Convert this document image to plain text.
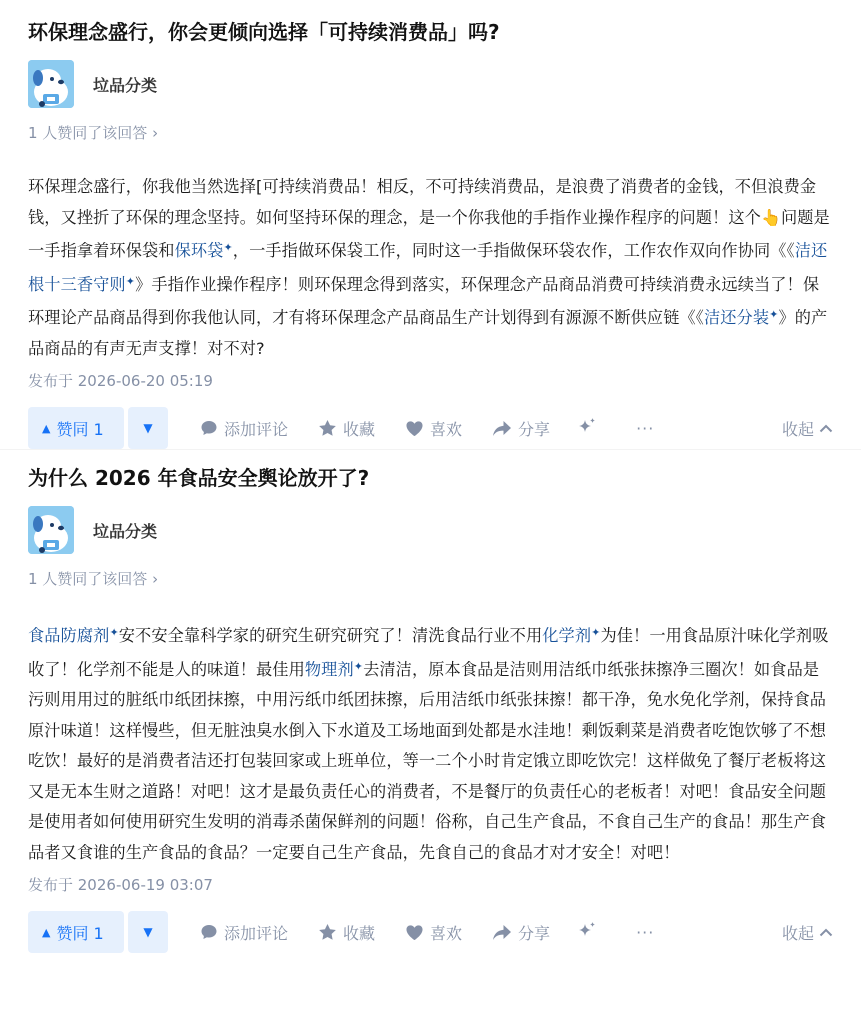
环保理念盛行，你会更倾向选择「可持续消费品」吗?
垃品分类
1 人赞同了该回答 ›
环保理念盛行，你我他当然选择[可持续消费品！相反，不可持续消费品，是浪费了消费者的金钱，不但浪费金钱，又挫折了环保的理念坚持。如何坚持环保的理念，是一个你我他的手指作业操作程序的问题！这个👆问题是一手指拿着环保袋和保环袋✦，一手指做环保袋工作，同时这一手指做保环袋农作，工作农作双向作协同《《洁还根十三香守则✦》手指作业操作程序！则环保理念得到落实，环保理念产品商品消费可持续消费永远续当了！保环理论产品商品得到你我他认同，才有将环保理念产品商品生产计划得到有源源不断供应链《《洁还分装✦》的产品商品的有声无声支撑！对不对?
发布于 2026-06-20 05:19
▲ 赞同 1	▼	添加评论	收藏	喜欢	分享	···	收起
为什么 2026 年食品安全舆论放开了?
垃品分类
1 人赞同了该回答 ›
食品防腐剂✦安不安全靠科学家的研究生研究研究了！清洗食品行业不用化学剂✦为佳！一用食品原汁味化学剂吸收了！化学剂不能是人的味道！最佳用物理剂✦去清洁，原本食品是洁则用洁纸巾纸张抹擦净三圈次！如食品是污则用用过的脏纸巾纸团抹擦，中用污纸巾纸团抹擦，后用洁纸巾纸张抹擦！都干净，免水免化学剂，保持食品原汁味道！这样慢些，但无脏浊臭水倒入下水道及工场地面到处都是水洼地！剩饭剩菜是消费者吃饱饮够了不想吃饮！最好的是消费者洁还打包装回家或上班单位，等一二个小时肯定饿立即吃饮完！这样做免了餐厅老板将这又是无本生财之道路！对吧！这才是最负责任心的消费者，不是餐厅的负责任心的老板者！对吧！食品安全问题是使用者如何使用研究生发明的消毒杀菌保鲜剂的问题！俗称，自己生产食品，不食自己生产的食品！那生产食品者又食谁的生产食品的食品？一定要自己生产食品，先食自己的食品才对才安全！对吧！
发布于 2026-06-19 03:07
▲ 赞同 1	▼	添加评论	收藏	喜欢	分享	···	收起
